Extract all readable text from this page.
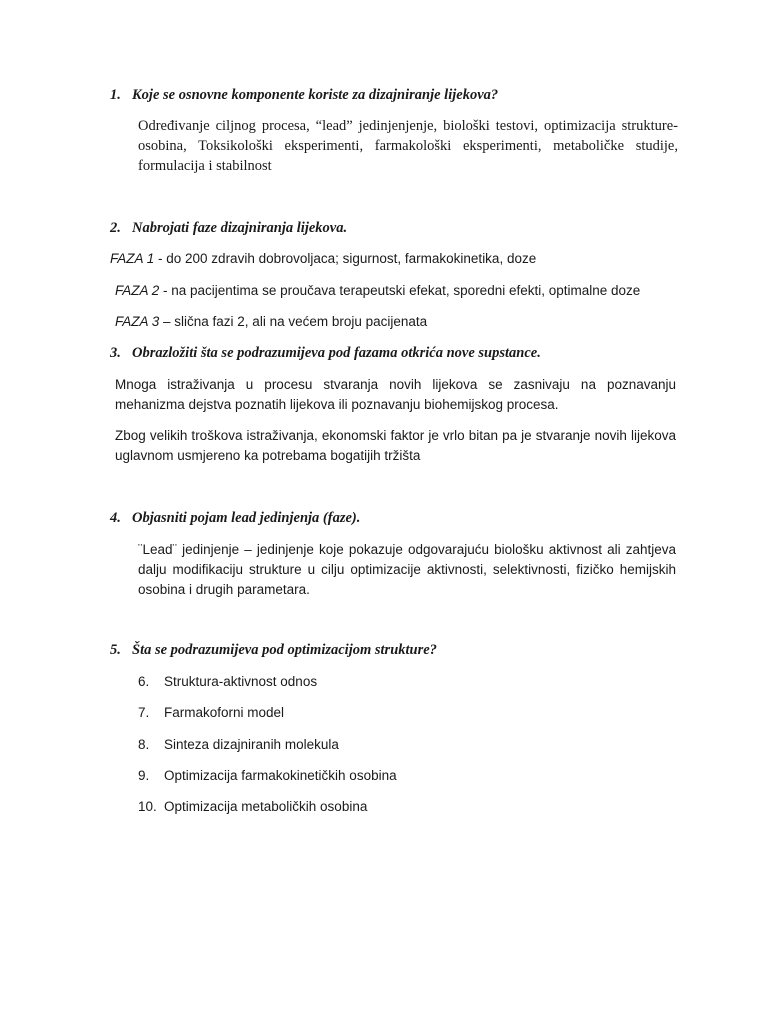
1. Koje se osnovne komponente koriste za dizajniranje lijekova?
Određivanje ciljnog procesa, “lead” jedinjenjenje, biološki testovi, optimizacija strukture-osobina, Toksikološki eksperimenti, farmakološki eksperimenti, metaboličke studije, formulacija i stabilnost
2. Nabrojati faze dizajniranja lijekova.
FAZA 1 - do 200 zdravih dobrovoljaca; sigurnost, farmakokinetika, doze
FAZA 2 - na pacijentima se proučava terapeutski efekat, sporedni efekti, optimalne doze
FAZA 3 – slična fazi 2, ali na većem broju pacijenata
3. Obrazložiti šta se podrazumijeva pod fazama otkrića nove supstance.
Mnoga istraživanja u procesu stvaranja novih lijekova se zasnivaju na poznavanju mehanizma dejstva poznatih lijekova ili poznavanju biohemijskog procesa.
Zbog velikih troškova istraživanja, ekonomski faktor je vrlo bitan pa je stvaranje novih lijekova uglavnom usmjereno ka potrebama bogatijih tržišta
4. Objasniti pojam lead jedinjenja (faze).
¨Lead¨ jedinjenje – jedinjenje koje pokazuje odgovarajuću biološku aktivnost ali zahtjeva dalju modifikaciju strukture u cilju optimizacije aktivnosti, selektivnosti, fizičko hemijskih osobina i drugih parametara.
5. Šta se podrazumijeva pod optimizacijom strukture?
6. Struktura-aktivnost odnos
7. Farmakoforni model
8. Sinteza dizajniranih molekula
9. Optimizacija farmakokinetičkih osobina
10. Optimizacija metaboličkih osobina
